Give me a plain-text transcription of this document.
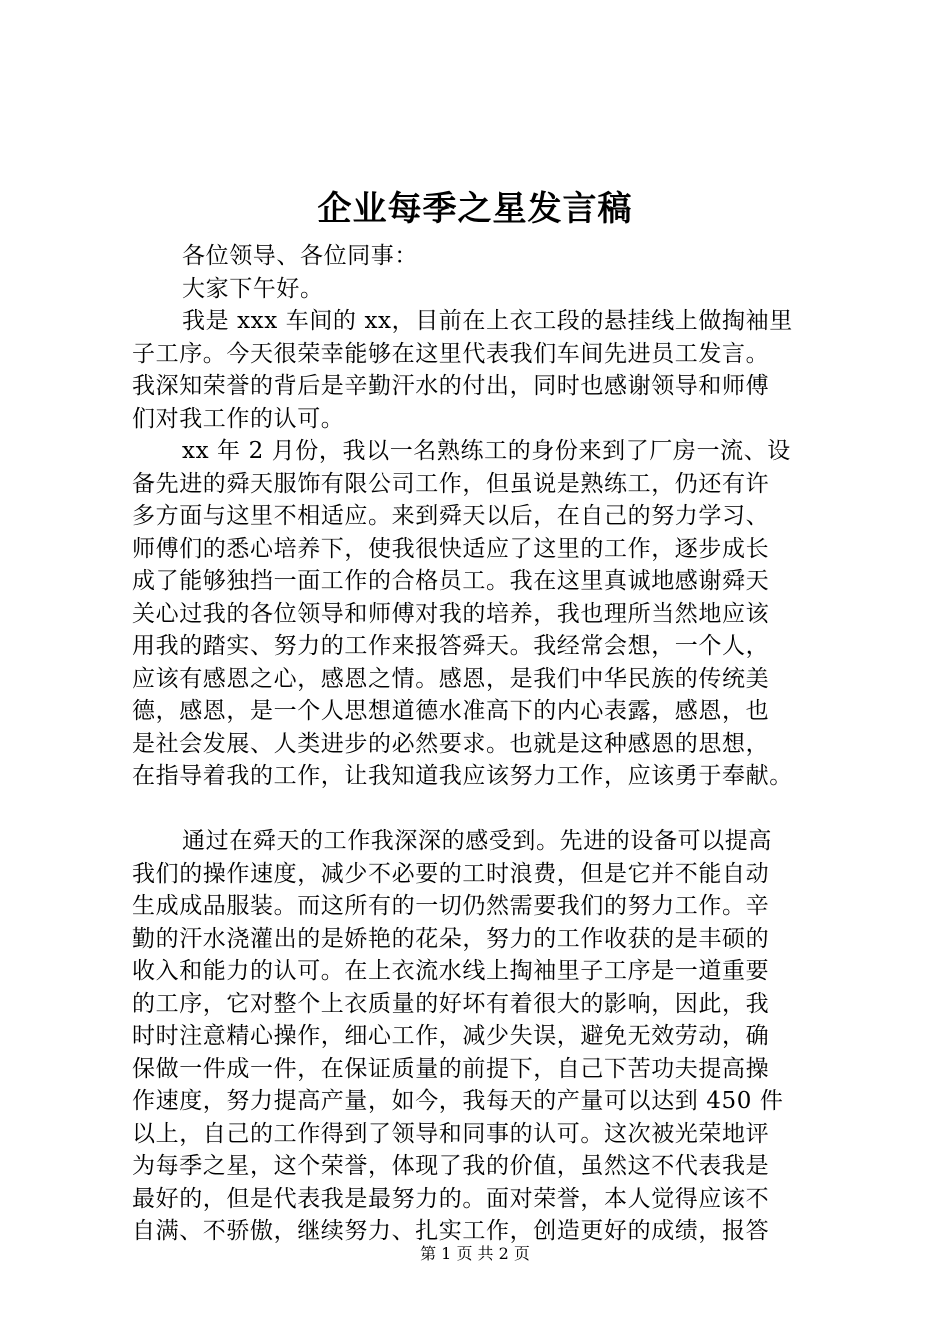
企业每季之星发言稿
各位领导、各位同事：
大家下午好。
我是 xxx 车间的 xx，目前在上衣工段的悬挂线上做掏袖里
子工序。今天很荣幸能够在这里代表我们车间先进员工发言。
我深知荣誉的背后是辛勤汗水的付出，同时也感谢领导和师傅
们对我工作的认可。
xx 年 2 月份，我以一名熟练工的身份来到了厂房一流、设
备先进的舜天服饰有限公司工作，但虽说是熟练工，仍还有许
多方面与这里不相适应。来到舜天以后，在自己的努力学习、
师傅们的悉心培养下，使我很快适应了这里的工作，逐步成长
成了能够独挡一面工作的合格员工。我在这里真诚地感谢舜天
关心过我的各位领导和师傅对我的培养，我也理所当然地应该
用我的踏实、努力的工作来报答舜天。我经常会想，一个人，
应该有感恩之心，感恩之情。感恩，是我们中华民族的传统美
德，感恩，是一个人思想道德水准高下的内心表露，感恩，也
是社会发展、人类进步的必然要求。也就是这种感恩的思想，
在指导着我的工作，让我知道我应该努力工作，应该勇于奉献。
通过在舜天的工作我深深的感受到。先进的设备可以提高
我们的操作速度，减少不必要的工时浪费，但是它并不能自动
生成成品服装。而这所有的一切仍然需要我们的努力工作。辛
勤的汗水浇灌出的是娇艳的花朵，努力的工作收获的是丰硕的
收入和能力的认可。在上衣流水线上掏袖里子工序是一道重要
的工序，它对整个上衣质量的好坏有着很大的影响，因此，我
时时注意精心操作，细心工作，减少失误，避免无效劳动，确
保做一件成一件，在保证质量的前提下，自己下苦功夫提高操
作速度，努力提高产量，如今，我每天的产量可以达到 450 件
以上，自己的工作得到了领导和同事的认可。这次被光荣地评
为每季之星，这个荣誉，体现了我的价值，虽然这不代表我是
最好的，但是代表我是最努力的。面对荣誉，本人觉得应该不
自满、不骄傲，继续努力、扎实工作，创造更好的成绩，报答
第 1 页 共 2 页
